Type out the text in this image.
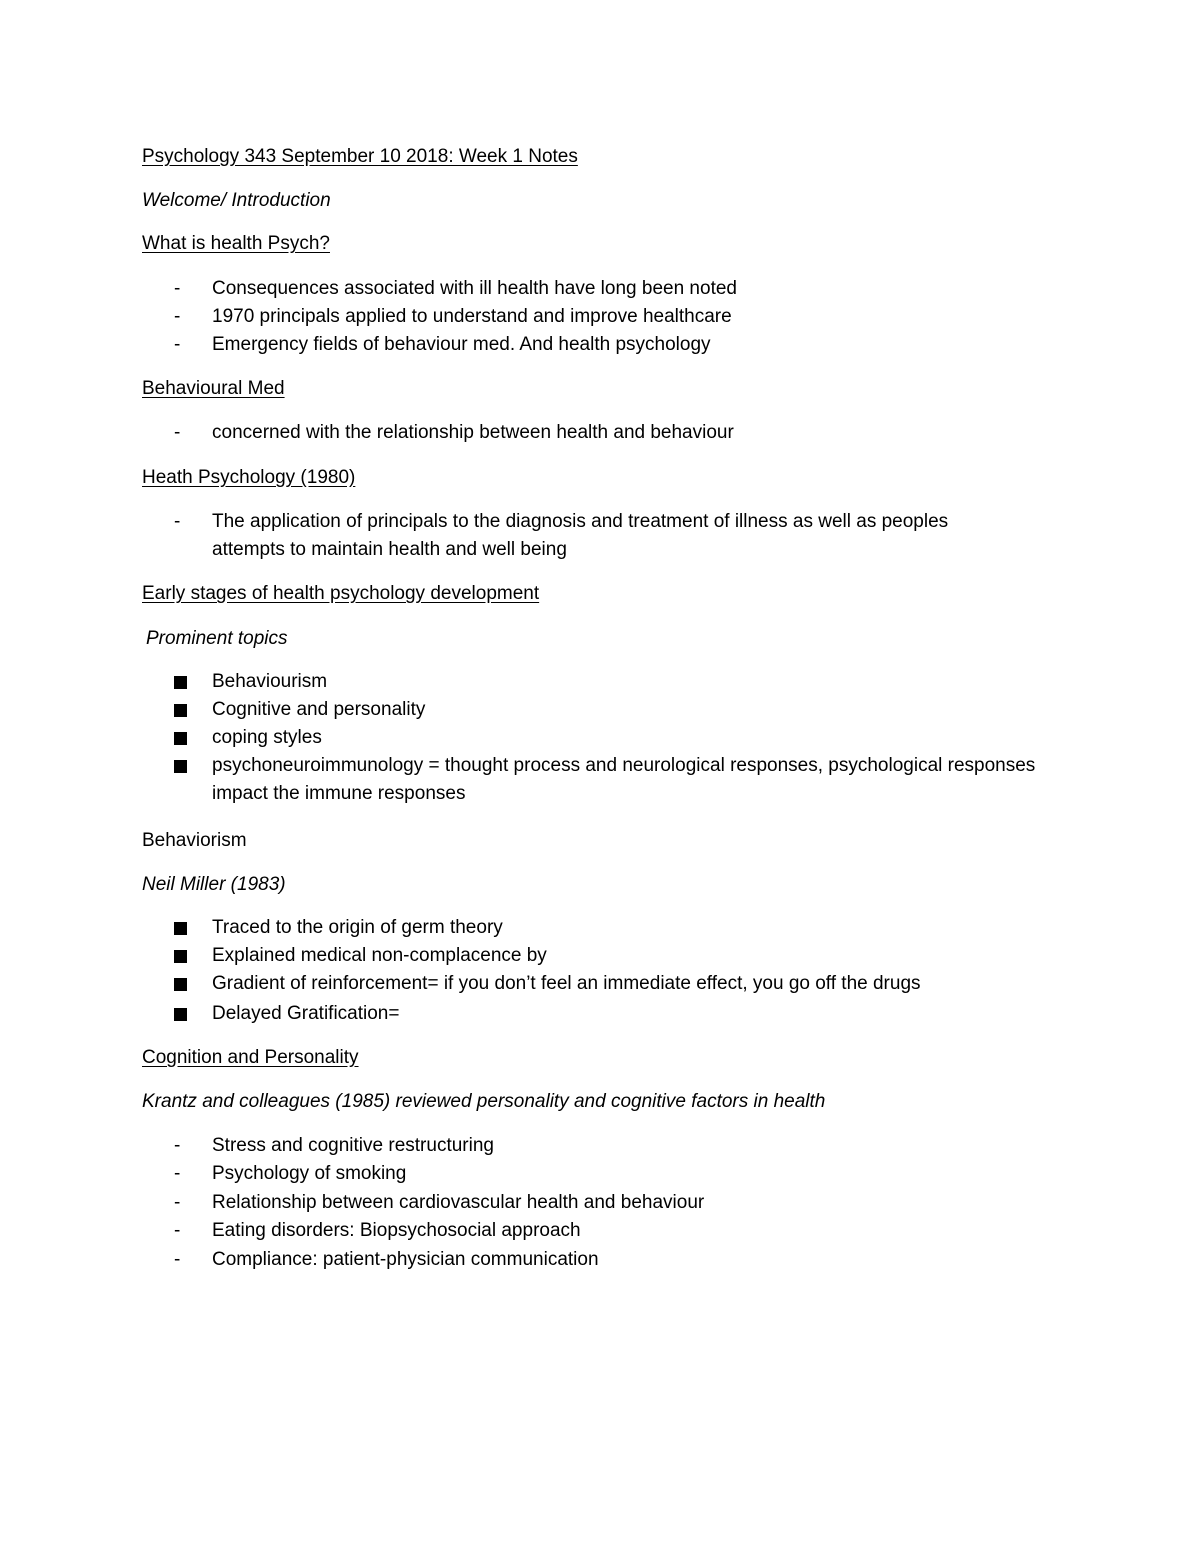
Psychology 343 September 10 2018: Week 1 Notes
Welcome/ Introduction
What is health Psych?
- Consequences associated with ill health have long been noted
- 1970 principals applied to understand and improve healthcare
- Emergency fields of behaviour med. And health psychology
Behavioural Med
- concerned with the relationship between health and behaviour
Heath Psychology (1980)
- The application of principals to the diagnosis and treatment of illness as well as peoples
attempts to maintain health and well being
Early stages of health psychology development
Prominent topics
Behaviourism
Cognitive and personality
coping styles
psychoneuroimmunology = thought process and neurological responses, psychological responses
impact the immune responses
Behaviorism
Neil Miller (1983)
Traced to the origin of germ theory
Explained medical non-complacence by
Gradient of reinforcement= if you don’t feel an immediate effect, you go off the drugs
Delayed Gratification=
Cognition and Personality
Krantz and colleagues (1985) reviewed personality and cognitive factors in health
- Stress and cognitive restructuring
- Psychology of smoking
- Relationship between cardiovascular health and behaviour
- Eating disorders: Biopsychosocial approach
- Compliance: patient-physician communication
